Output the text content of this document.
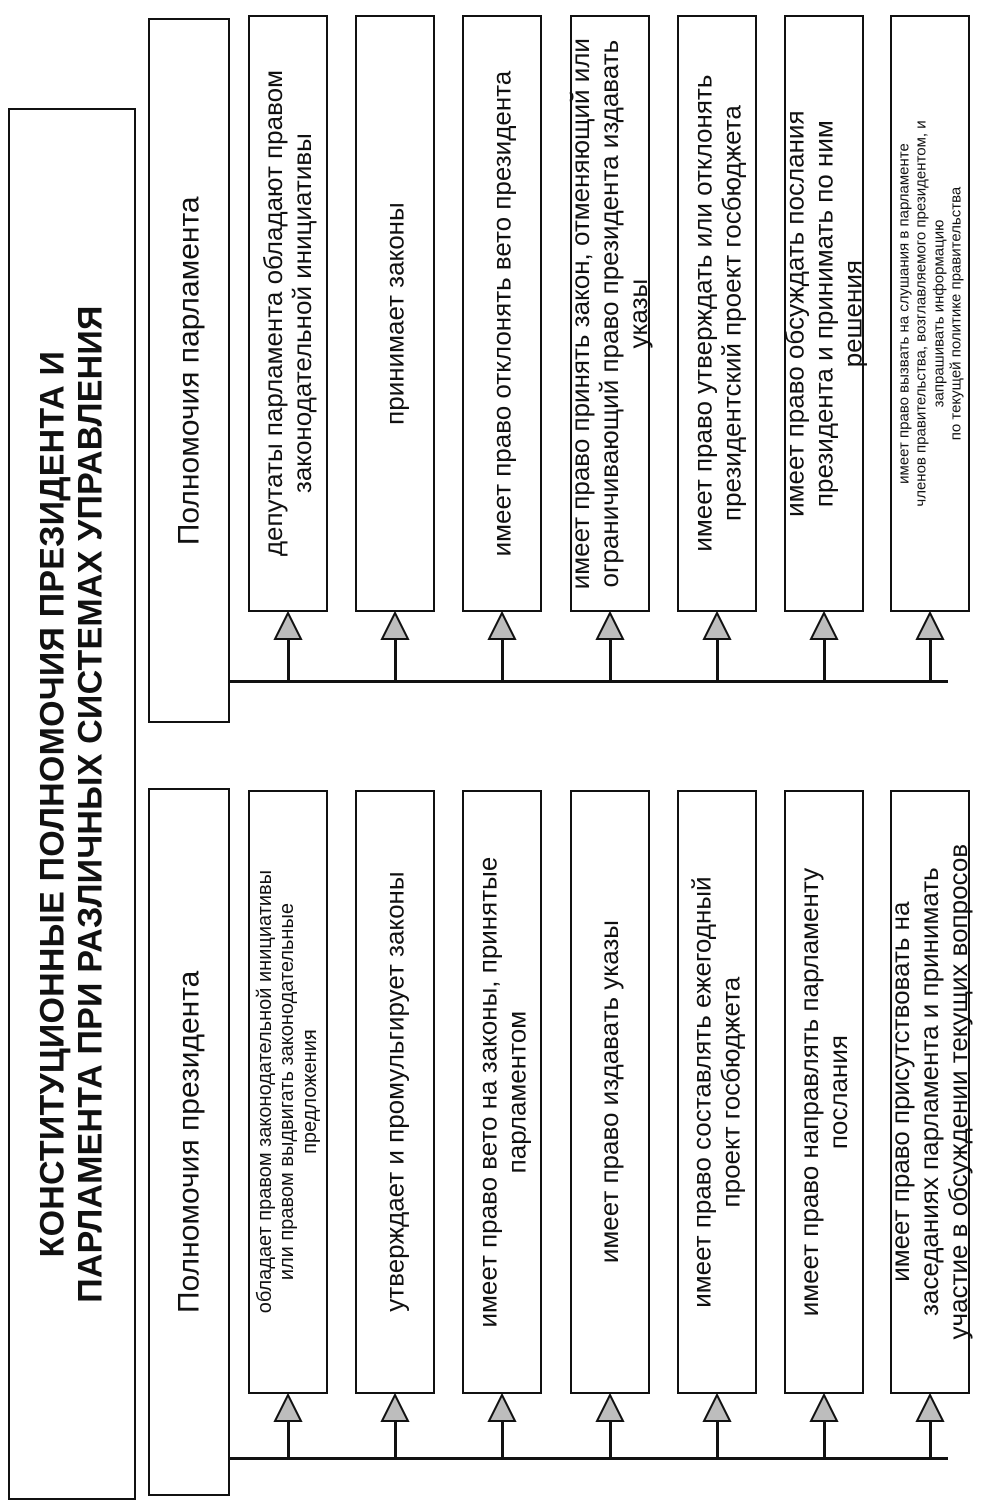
КОНСТИТУЦИОННЫЕ ПОЛНОМОЧИЯ ПРЕЗИДЕНТА И ПАРЛАМЕНТА ПРИ РАЗЛИЧНЫХ СИСТЕМАХ УПРАВЛЕНИЯ Полномочия президента
Полномочия парламента
обладает правом законодательной инициативы или правом выдвигать законодательные предложения утверждает и промульгирует законы имеет право вето на законы, принятые парламентом имеет право издавать указы имеет право составлять ежегодный проект госбюджета имеет право направлять парламенту послания имеет право присутствовать на заседаниях парламента и принимать участие в обсуждении текущих вопросов
депутаты парламента обладают правом законодательной инициативы принимает законы	имеет право отклонять вето президента имеет право принять закон, отменяющий или ограничивающий право президента издавать указы имеет право утверждать или отклонять президентский проект госбюджета имеет право обсуждать послания президента и принимать по ним решения имеет право вызвать на слушания в парламенте членов правительства, возглавляемого президентом, и запрашивать информацию по текущей политике правительства
